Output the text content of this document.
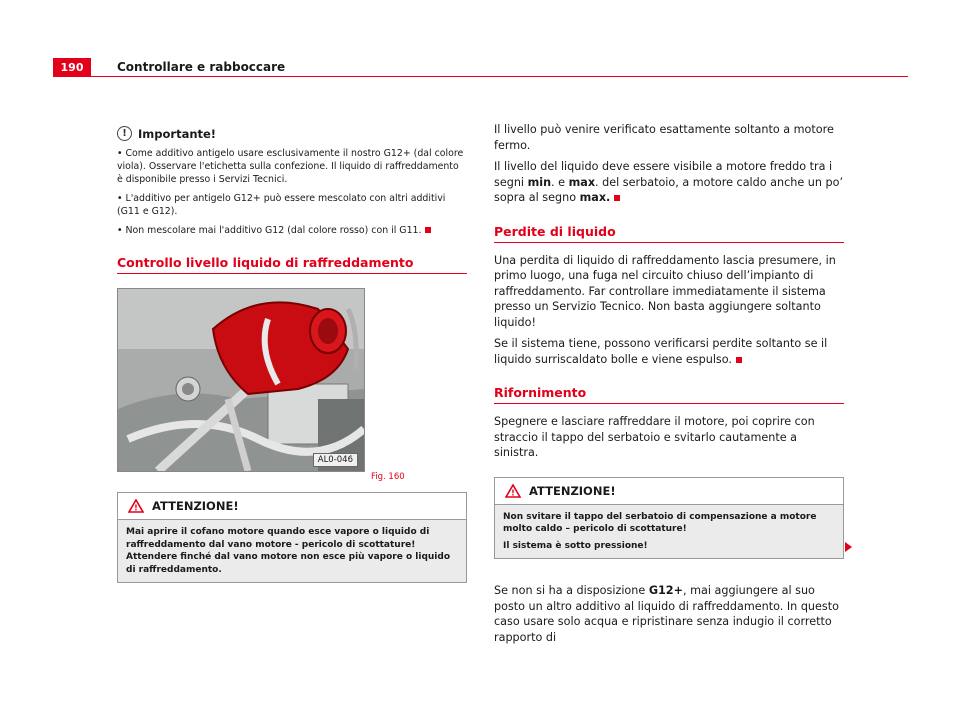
190	Controllare e rabboccare
! Importante!

• Come additivo antigelo usare esclusivamente il nostro G12+ (dal colore viola). Osservare l'etichetta sulla confezione. Il liquido di raffreddamento è disponibile presso i Servizi Tecnici.

• L'additivo per antigelo G12+ può essere mescolato con altri additivi (G11 e G12).

• Non mescolare mai l'additivo G12 (dal colore rosso) con il G11.

Controllo livello liquido di raffreddamento
AL0-046
Fig. 160
! ATTENZIONE!

Mai aprire il cofano motore quando esce vapore o liquido di raffreddamento dal vano motore - pericolo di scottature! Attendere finché dal vano motore non esce più vapore o liquido di raffreddamento.

Il livello può venire verificato esattamente soltanto a motore fermo.

Il livello del liquido deve essere visibile a motore freddo tra i segni min. e max. del serbatoio, a motore caldo anche un po’ sopra al segno max.

Perdite di liquido

Una perdita di liquido di raffreddamento lascia presumere, in primo luogo, una fuga nel circuito chiuso dell’impianto di raffreddamento. Far controllare immediatamente il sistema presso un Servizio Tecnico. Non basta aggiungere soltanto liquido!

Se il sistema tiene, possono verificarsi perdite soltanto se il liquido surriscaldato bolle e viene espulso.

Rifornimento

Spegnere e lasciare raffreddare il motore, poi coprire con straccio il tappo del serbatoio e svitarlo cautamente a sinistra.

! ATTENZIONE!

Non svitare il tappo del serbatoio di compensazione a motore molto caldo – pericolo di scottature!

Il sistema è sotto pressione!

Se non si ha a disposizione G12+, mai aggiungere al suo posto un altro additivo al liquido di raffreddamento. In questo caso usare solo acqua e ripristinare senza indugio il corretto rapporto di
